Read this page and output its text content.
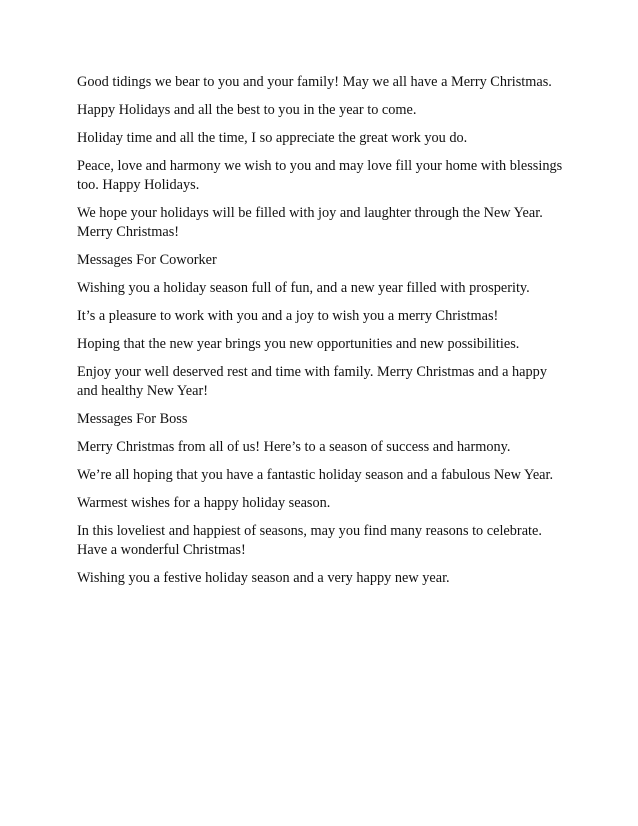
Good tidings we bear to you and your family! May we all have a Merry Christmas.

Happy Holidays and all the best to you in the year to come.

Holiday time and all the time, I so appreciate the great work you do.

Peace, love and harmony we wish to you and may love fill your home with blessings too. Happy Holidays.

We hope your holidays will be filled with joy and laughter through the New Year. Merry Christmas!

Messages For Coworker

Wishing you a holiday season full of fun, and a new year filled with prosperity.

It’s a pleasure to work with you and a joy to wish you a merry Christmas!

Hoping that the new year brings you new opportunities and new possibilities.

Enjoy your well deserved rest and time with family. Merry Christmas and a happy and healthy New Year!

Messages For Boss

Merry Christmas from all of us! Here’s to a season of success and harmony.

We’re all hoping that you have a fantastic holiday season and a fabulous New Year.

Warmest wishes for a happy holiday season.

In this loveliest and happiest of seasons, may you find many reasons to celebrate. Have a wonderful Christmas!

Wishing you a festive holiday season and a very happy new year.
